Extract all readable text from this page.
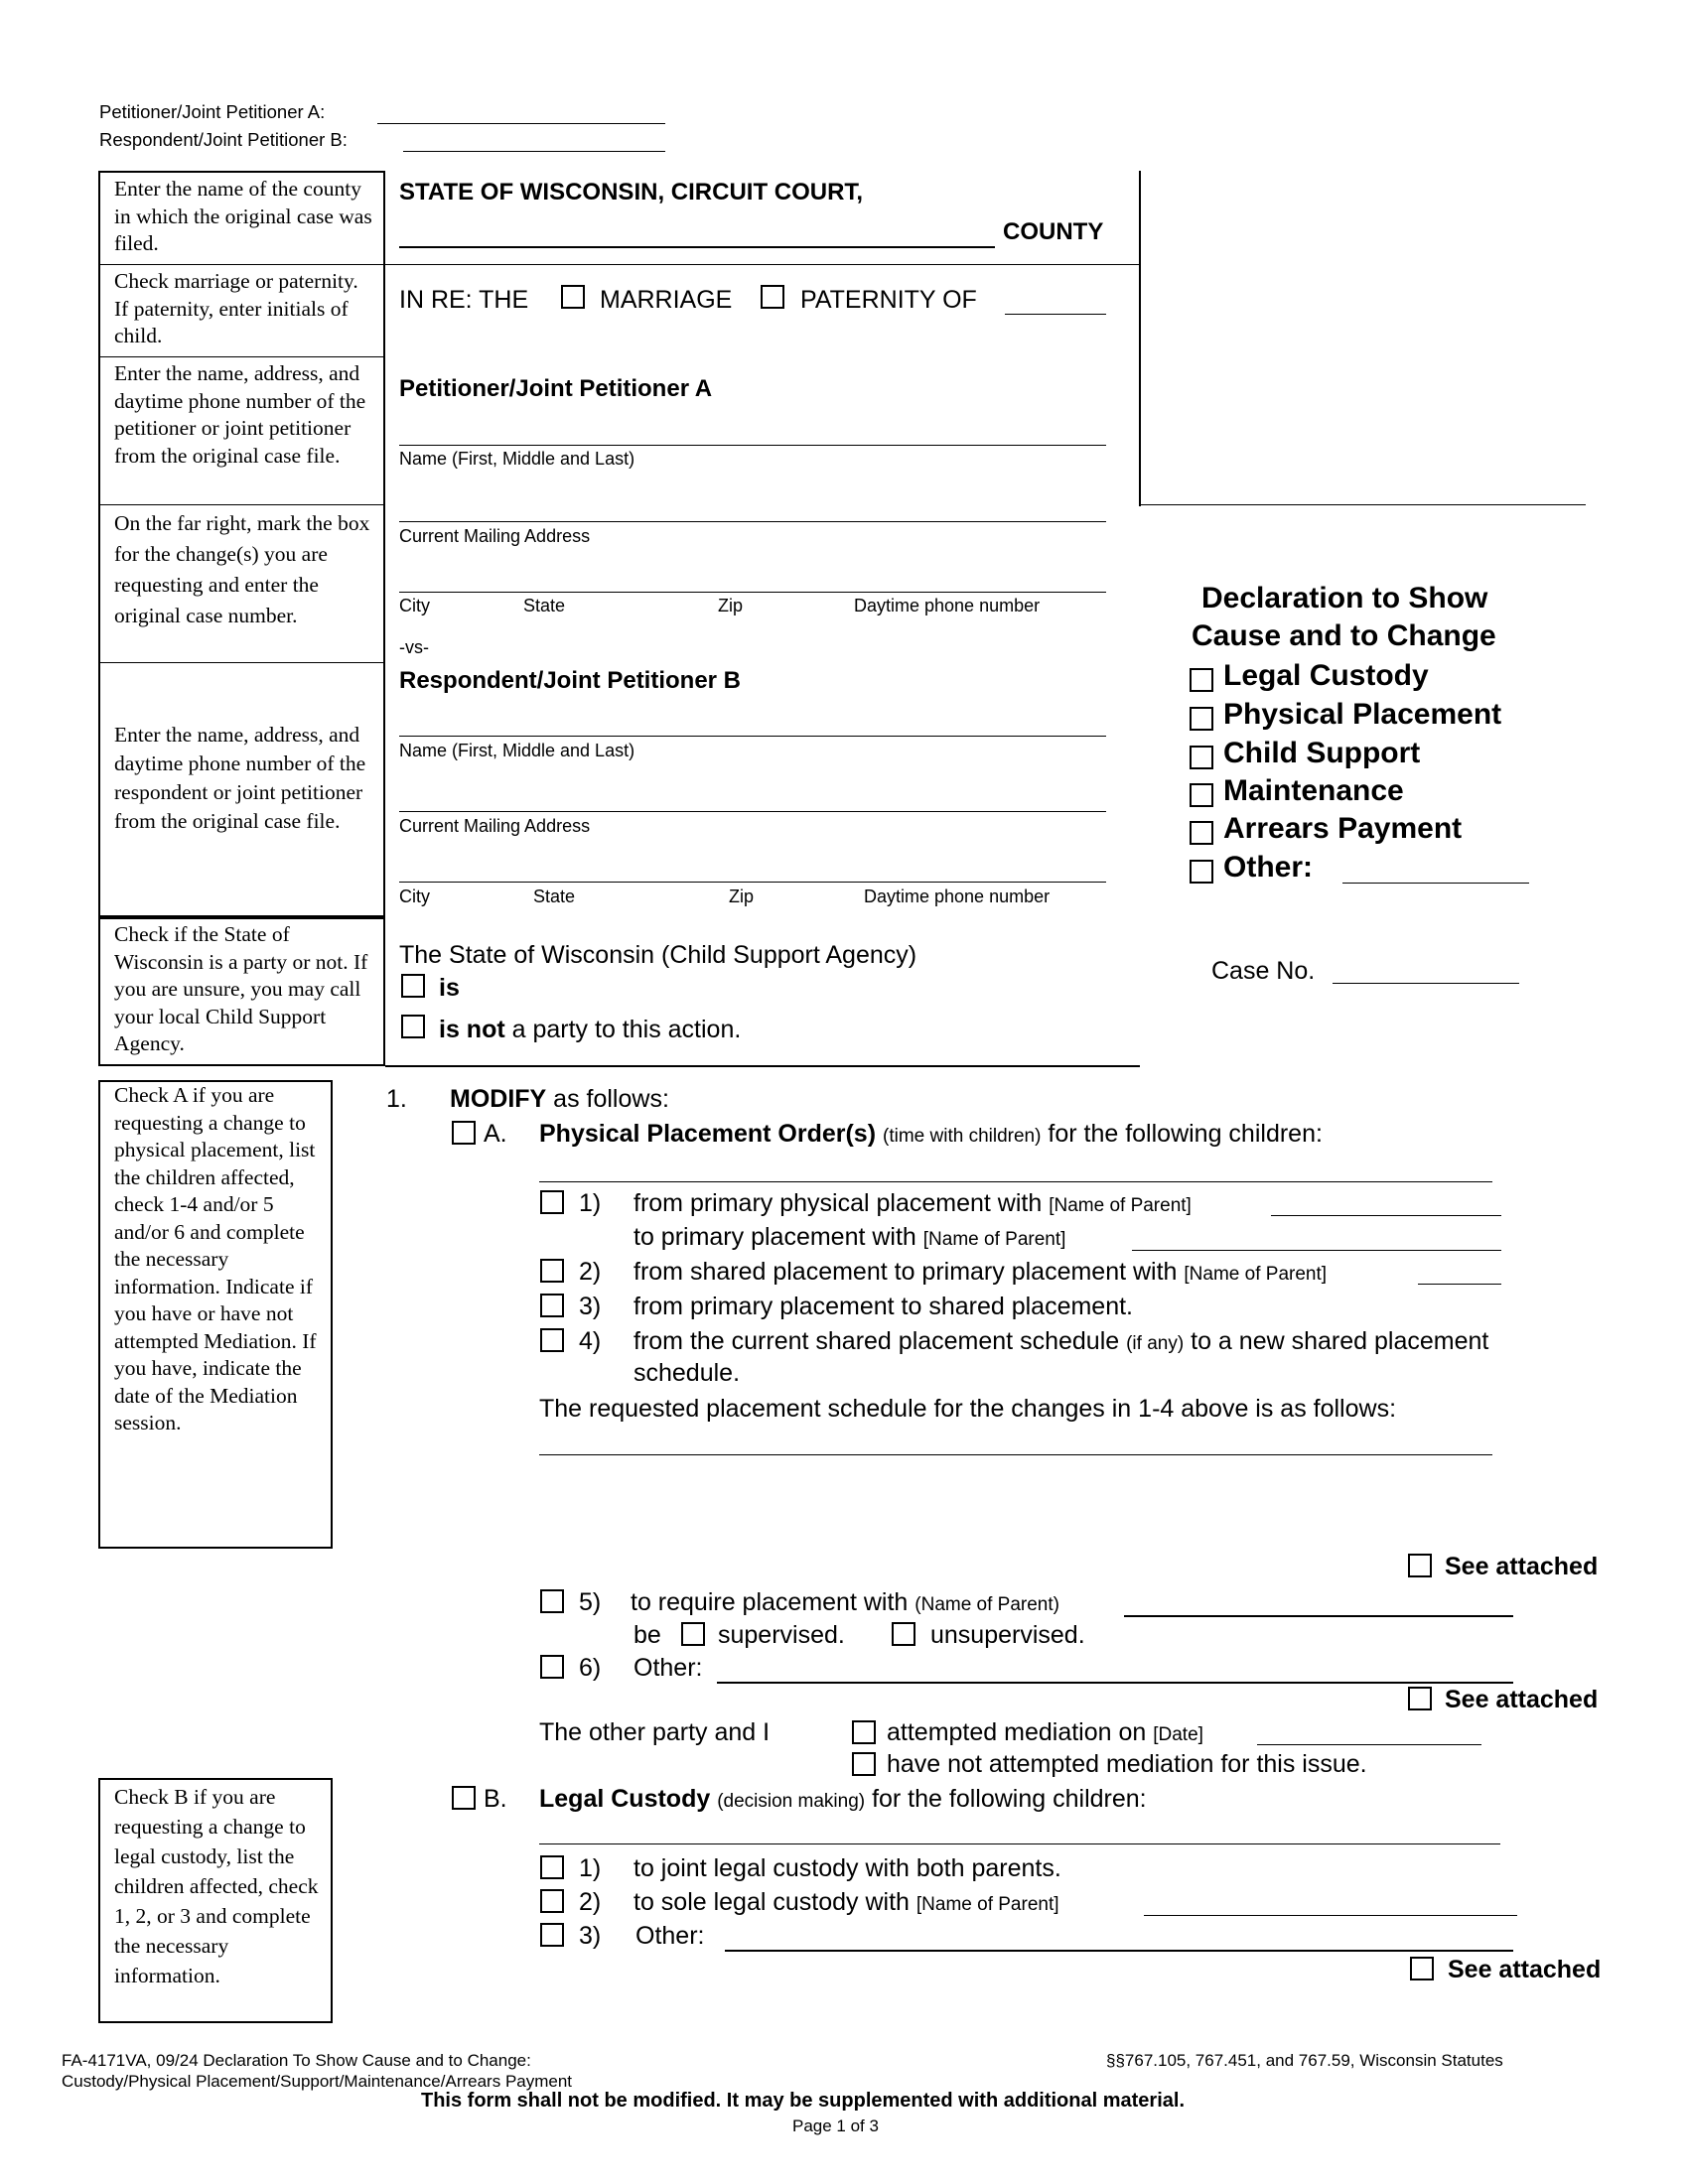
Petitioner/Joint Petitioner A:
Respondent/Joint Petitioner B:
Enter the name of the county in which the original case was filed.
Check marriage or paternity. If paternity, enter initials of child.
Enter the name, address, and daytime phone number of the petitioner or joint petitioner from the original case file.
On the far right, mark the box for the change(s) you are requesting and enter the original case number.
Enter the name, address, and daytime phone number of the respondent or joint petitioner from the original case file.
Check if the State of Wisconsin is a party or not. If you are unsure, you may call your local Child Support Agency.
STATE OF WISCONSIN, CIRCUIT COURT,
COUNTY
IN RE: THE	MARRIAGE	PATERNITY OF
Petitioner/Joint Petitioner A
Name (First, Middle and Last)
Current Mailing Address
City	State	Zip	Daytime phone number
-vs-
Respondent/Joint Petitioner B
Name (First, Middle and Last)
Current Mailing Address
City	State	Zip	Daytime phone number
The State of Wisconsin (Child Support Agency)
is
is not a party to this action.
Declaration to Show
Cause and to Change
Legal Custody
Physical Placement
Child Support
Maintenance
Arrears Payment
Other:
Case No.
Check A if you are requesting a change to physical placement, list the children affected, check 1-4 and/or 5 and/or 6 and complete the necessary information. Indicate if you have or have not attempted Mediation. If you have, indicate the date of the Mediation session.
Check B if you are requesting a change to legal custody, list the children affected, check 1, 2, or 3 and complete the necessary information.
1. MODIFY as follows:
A. Physical Placement Order(s) (time with children) for the following children:
1) from primary physical placement with [Name of Parent]
to primary placement with [Name of Parent]
2) from shared placement to primary placement with [Name of Parent]
3) from primary placement to shared placement.
4) from the current shared placement schedule (if any) to a new shared placement
schedule.
The requested placement schedule for the changes in 1-4 above is as follows:
See attached
5) to require placement with (Name of Parent)
be supervised.	unsupervised.
6) Other:
See attached
The other party and I	attempted mediation on [Date]
have not attempted mediation for this issue.
B. Legal Custody (decision making) for the following children:
1) to joint legal custody with both parents.
2) to sole legal custody with [Name of Parent]
3) Other:
See attached
FA-4171VA, 09/24 Declaration To Show Cause and to Change:
Custody/Physical Placement/Support/Maintenance/Arrears Payment
§§767.105, 767.451, and 767.59, Wisconsin Statutes
This form shall not be modified. It may be supplemented with additional material.
Page 1 of 3
